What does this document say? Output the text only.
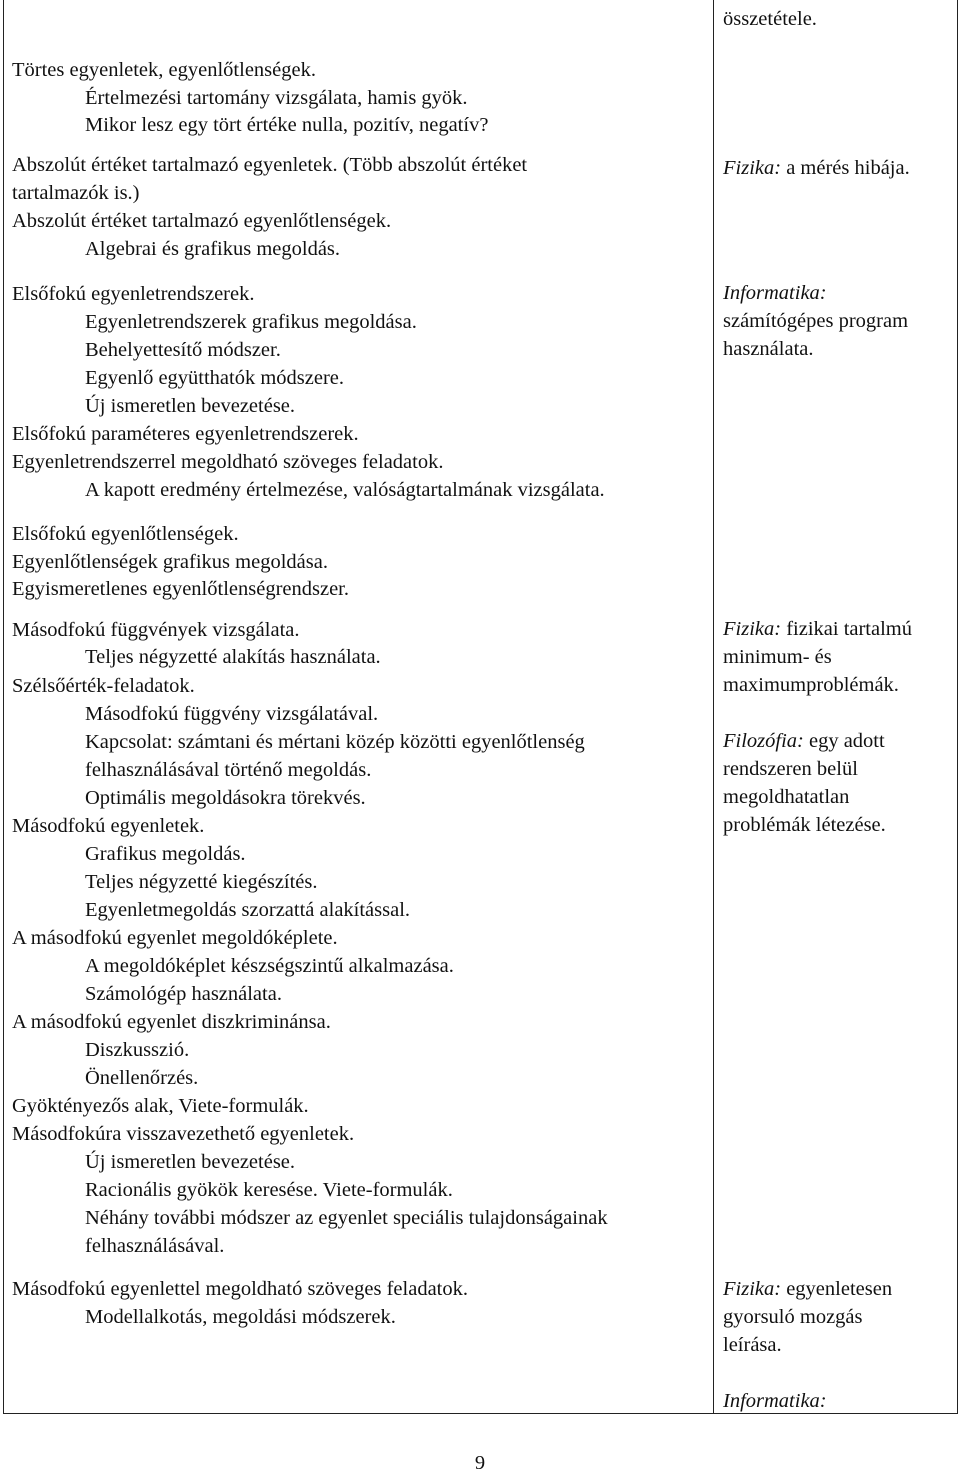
Törtes egyenletek, egyenlőtlenségek.
Értelmezési tartomány vizsgálata, hamis gyök.
Mikor lesz egy tört értéke nulla, pozitív, negatív?
Abszolút értéket tartalmazó egyenletek. (Több abszolút értéket
tartalmazók is.)
Abszolút értéket tartalmazó egyenlőtlenségek.
Algebrai és grafikus megoldás.
Elsőfokú egyenletrendszerek.
Egyenletrendszerek grafikus megoldása.
Behelyettesítő módszer.
Egyenlő együtthatók módszere.
Új ismeretlen bevezetése.
Elsőfokú paraméteres egyenletrendszerek.
Egyenletrendszerrel megoldható szöveges feladatok.
A kapott eredmény értelmezése, valóságtartalmának vizsgálata.
Elsőfokú egyenlőtlenségek.
Egyenlőtlenségek grafikus megoldása.
Egyismeretlenes egyenlőtlenségrendszer.
Másodfokú függvények vizsgálata.
Teljes négyzetté alakítás használata.
Szélsőérték-feladatok.
Másodfokú függvény vizsgálatával.
Kapcsolat: számtani és mértani közép közötti egyenlőtlenség
felhasználásával történő megoldás.
Optimális megoldásokra törekvés.
Másodfokú egyenletek.
Grafikus megoldás.
Teljes négyzetté kiegészítés.
Egyenletmegoldás szorzattá alakítással.
A másodfokú egyenlet megoldóképlete.
A megoldóképlet készségszintű alkalmazása.
Számológép használata.
A másodfokú egyenlet diszkriminánsa.
Diszkusszió.
Önellenőrzés.
Gyöktényezős alak, Viete-formulák.
Másodfokúra visszavezethető egyenletek.
Új ismeretlen bevezetése.
Racionális gyökök keresése. Viete-formulák.
Néhány további módszer az egyenlet speciális tulajdonságainak
felhasználásával.
Másodfokú egyenlettel megoldható szöveges feladatok.
Modellalkotás, megoldási módszerek.
összetétele.
Fizika: a mérés hibája.
Informatika:
számítógépes program
használata.
Fizika: fizikai tartalmú
minimum- és
maximumproblémák.
Filozófia: egy adott
rendszeren belül
megoldhatatlan
problémák létezése.
Fizika: egyenletesen
gyorsuló mozgás
leírása.
Informatika:
9
